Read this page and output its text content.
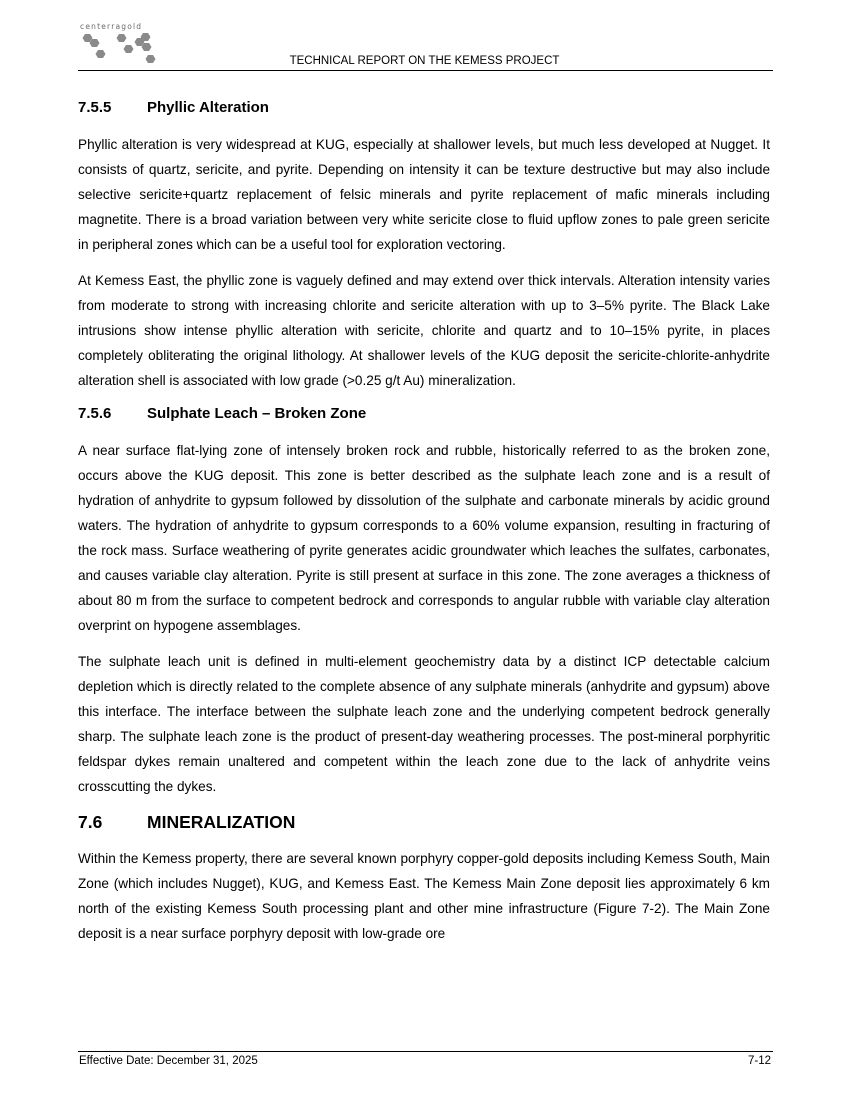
centerragold
TECHNICAL REPORT ON THE KEMESS PROJECT
7.5.5	Phyllic Alteration

Phyllic alteration is very widespread at KUG, especially at shallower levels, but much less developed at Nugget. It consists of quartz, sericite, and pyrite. Depending on intensity it can be texture destructive but may also include selective sericite+quartz replacement of felsic minerals and pyrite replacement of mafic minerals including magnetite. There is a broad variation between very white sericite close to fluid upflow zones to pale green sericite in peripheral zones which can be a useful tool for exploration vectoring.

At Kemess East, the phyllic zone is vaguely defined and may extend over thick intervals. Alteration intensity varies from moderate to strong with increasing chlorite and sericite alteration with up to 3–5% pyrite. The Black Lake intrusions show intense phyllic alteration with sericite, chlorite and quartz and to 10–15% pyrite, in places completely obliterating the original lithology. At shallower levels of the KUG deposit the sericite-chlorite-anhydrite alteration shell is associated with low grade (>0.25 g/t Au) mineralization.

7.5.6	Sulphate Leach – Broken Zone

A near surface flat-lying zone of intensely broken rock and rubble, historically referred to as the broken zone, occurs above the KUG deposit. This zone is better described as the sulphate leach zone and is a result of hydration of anhydrite to gypsum followed by dissolution of the sulphate and carbonate minerals by acidic ground waters. The hydration of anhydrite to gypsum corresponds to a 60% volume expansion, resulting in fracturing of the rock mass. Surface weathering of pyrite generates acidic groundwater which leaches the sulfates, carbonates, and causes variable clay alteration. Pyrite is still present at surface in this zone. The zone averages a thickness of about 80 m from the surface to competent bedrock and corresponds to angular rubble with variable clay alteration overprint on hypogene assemblages.

The sulphate leach unit is defined in multi-element geochemistry data by a distinct ICP detectable calcium depletion which is directly related to the complete absence of any sulphate minerals (anhydrite and gypsum) above this interface. The interface between the sulphate leach zone and the underlying competent bedrock generally sharp. The sulphate leach zone is the product of present-day weathering processes. The post-mineral porphyritic feldspar dykes remain unaltered and competent within the leach zone due to the lack of anhydrite veins crosscutting the dykes.

7.6	MINERALIZATION

Within the Kemess property, there are several known porphyry copper-gold deposits including Kemess South, Main Zone (which includes Nugget), KUG, and Kemess East. The Kemess Main Zone deposit lies approximately 6 km north of the existing Kemess South processing plant and other mine infrastructure (Figure 7-2). The Main Zone deposit is a near surface porphyry deposit with low-grade ore

Effective Date: December 31, 2025	7-12
